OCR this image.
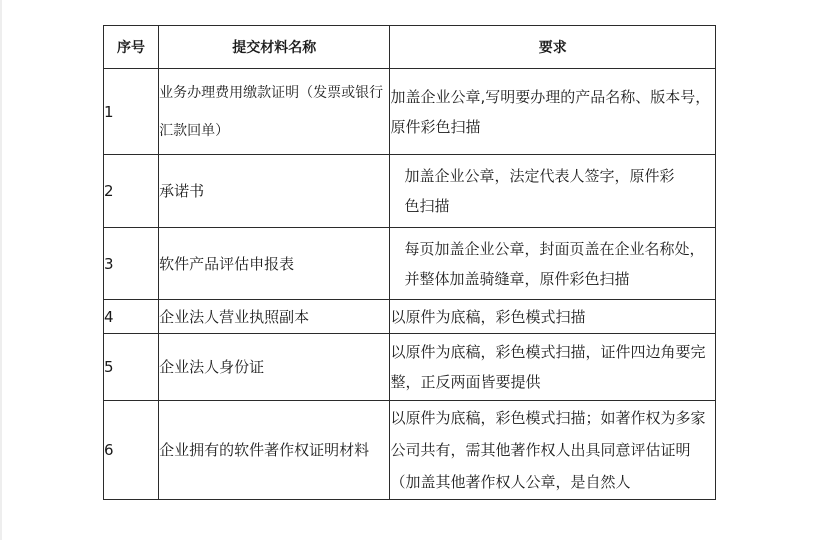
序号	提交材料名称	要求
1	业务办理费用缴款证明（发票或银行汇款回单）	加盖企业公章,写明要办理的产品名称、版本号，原件彩色扫描

2	承诺书	加盖企业公章，法定代表人签字，原件彩色扫描

3	软件产品评估申报表	每页加盖企业公章，封面页盖在企业名称处，并整体加盖骑缝章，原件彩色扫描

4	企业法人营业执照副本	以原件为底稿，彩色模式扫描

5	企业法人身份证	以原件为底稿，彩色模式扫描，证件四边角要完整，正反两面皆要提供

6	企业拥有的软件著作权证明材料	以原件为底稿，彩色模式扫描；如著作权为多家公司共有，需其他著作权人出具同意评估证明（加盖其他著作权人公章，是自然人
